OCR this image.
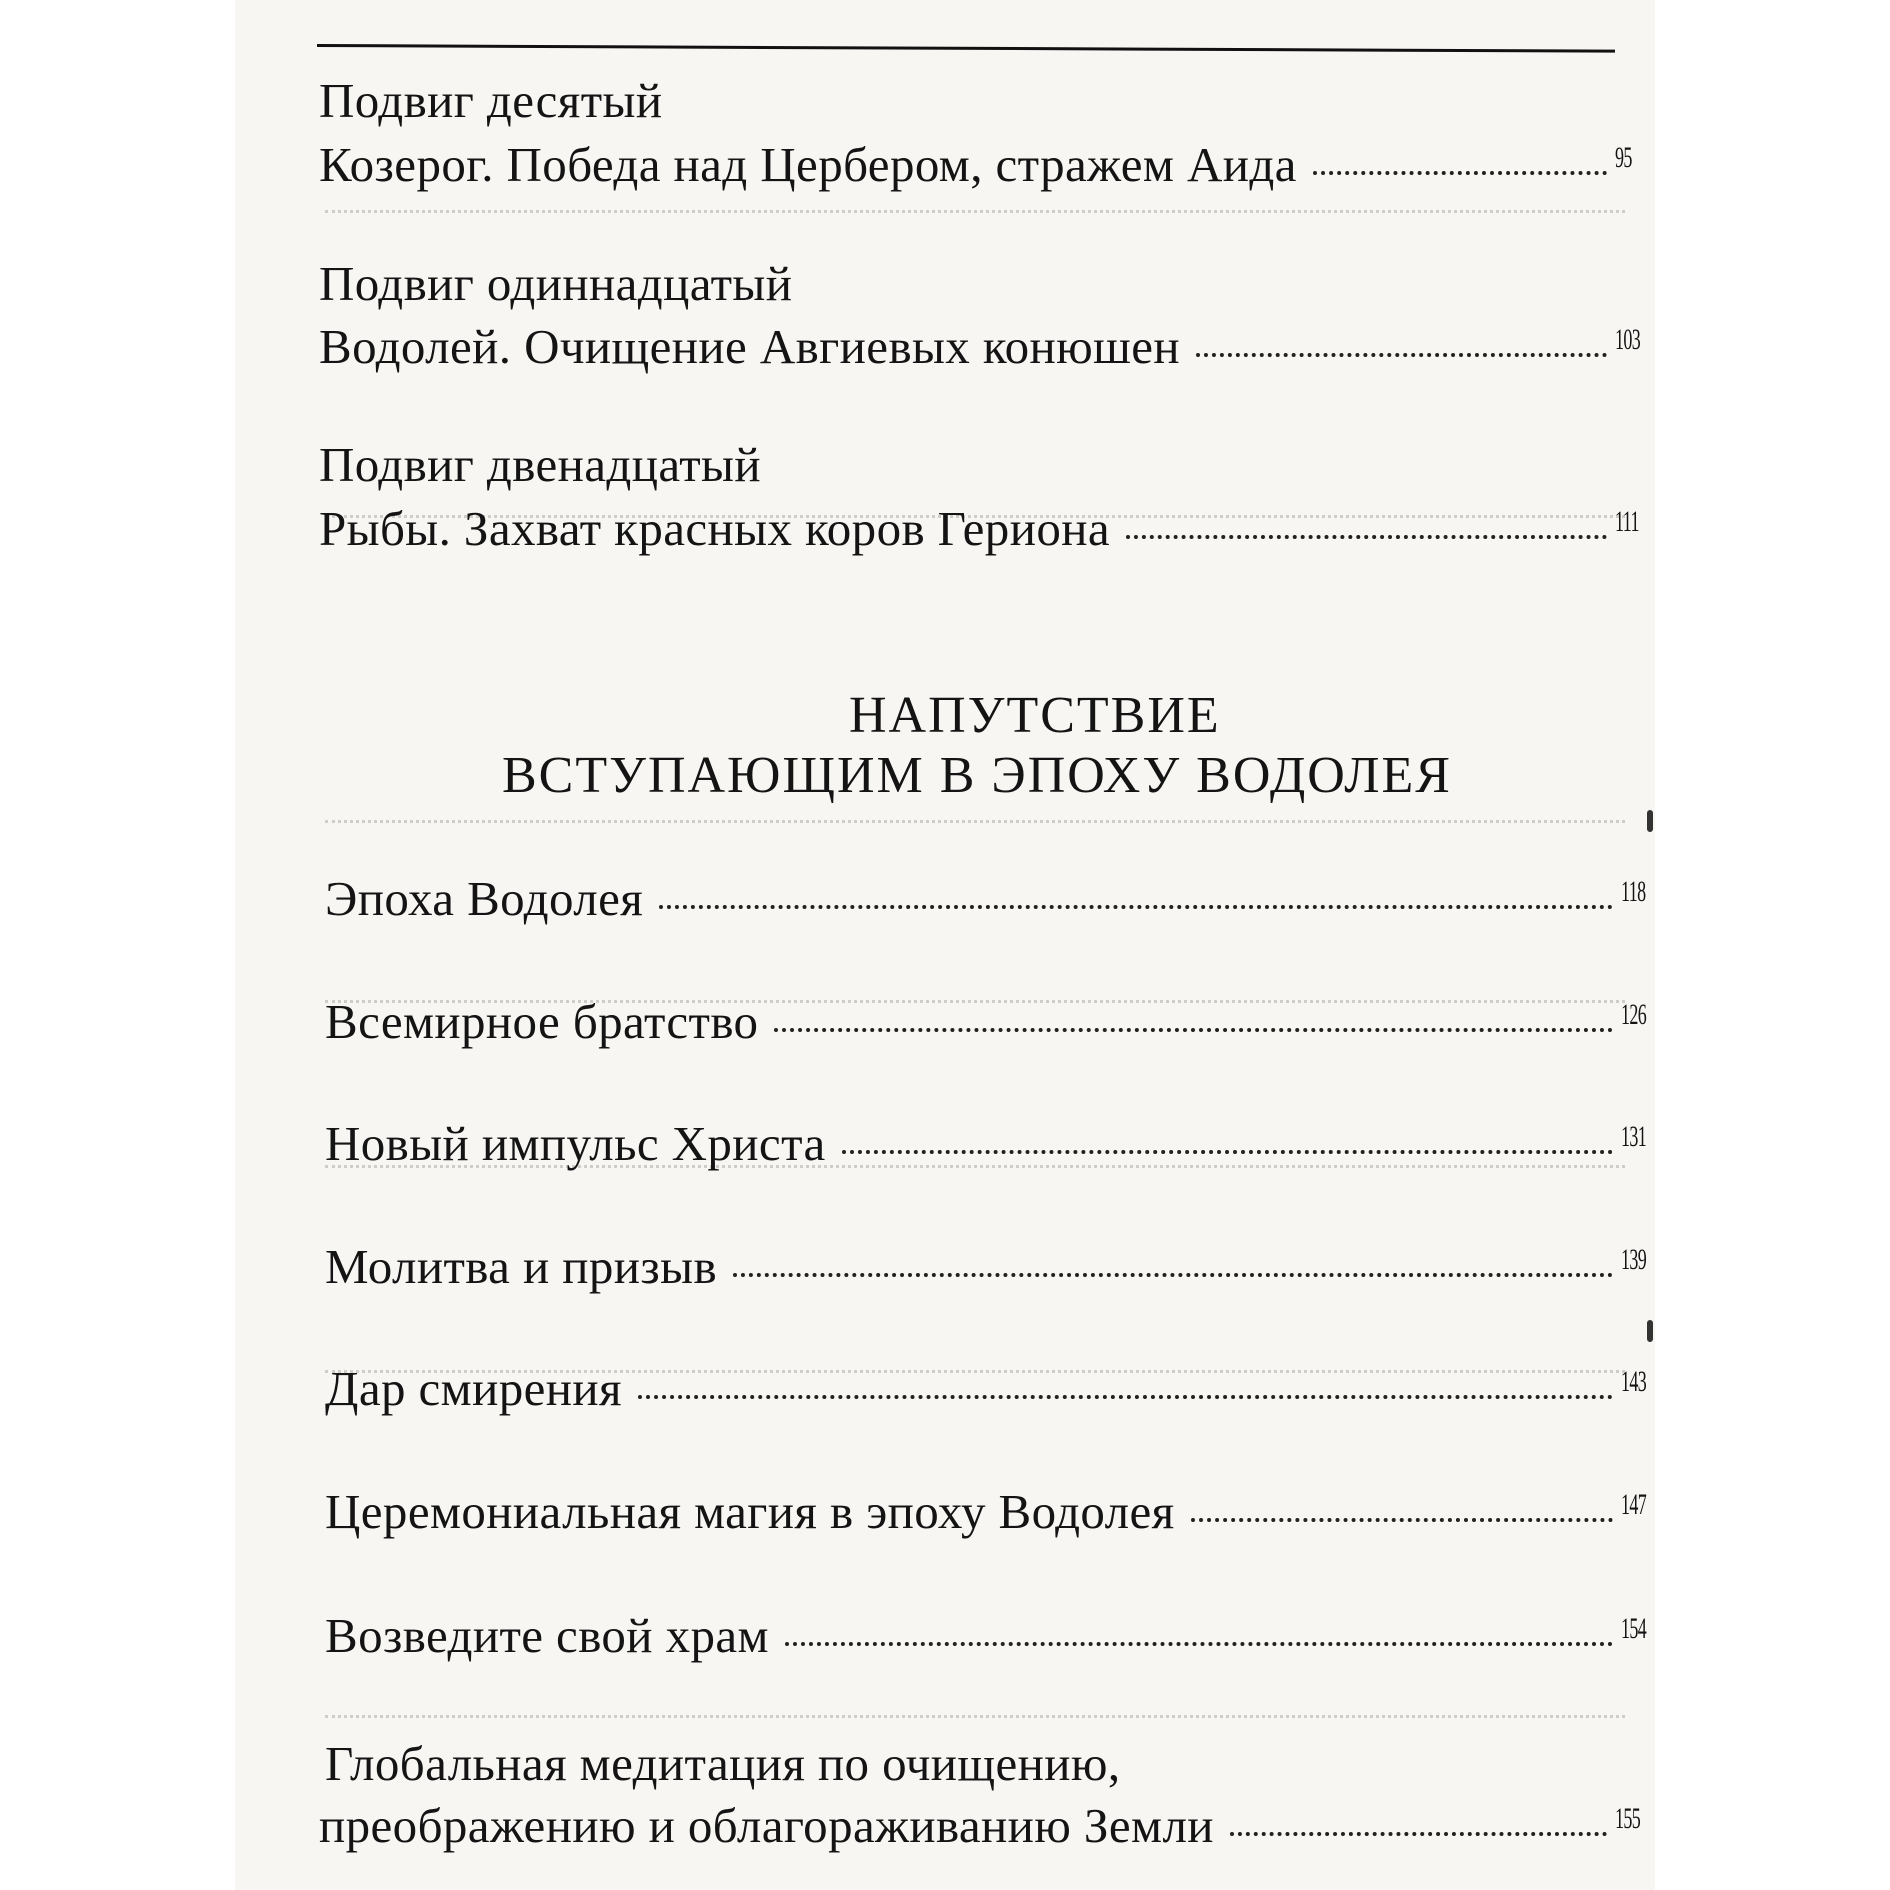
Подвиг десятый
Козерог. Победа над Цербером, стражем Аида	95
Подвиг одиннадцатый
Водолей. Очищение Авгиевых конюшен	103
Подвиг двенадцатый
Рыбы. Захват красных коров Гериона	111
НАПУТСТВИЕ
ВСТУПАЮЩИМ В ЭПОХУ ВОДОЛЕЯ
Эпоха Водолея	118
Всемирное братство	126
Новый импульс Христа	131
Молитва и призыв	139
Дар смирения	143
Церемониальная магия в эпоху Водолея	147
Возведите свой храм	154
Глобальная медитация по очищению,
преображению и облагораживанию Земли	155
